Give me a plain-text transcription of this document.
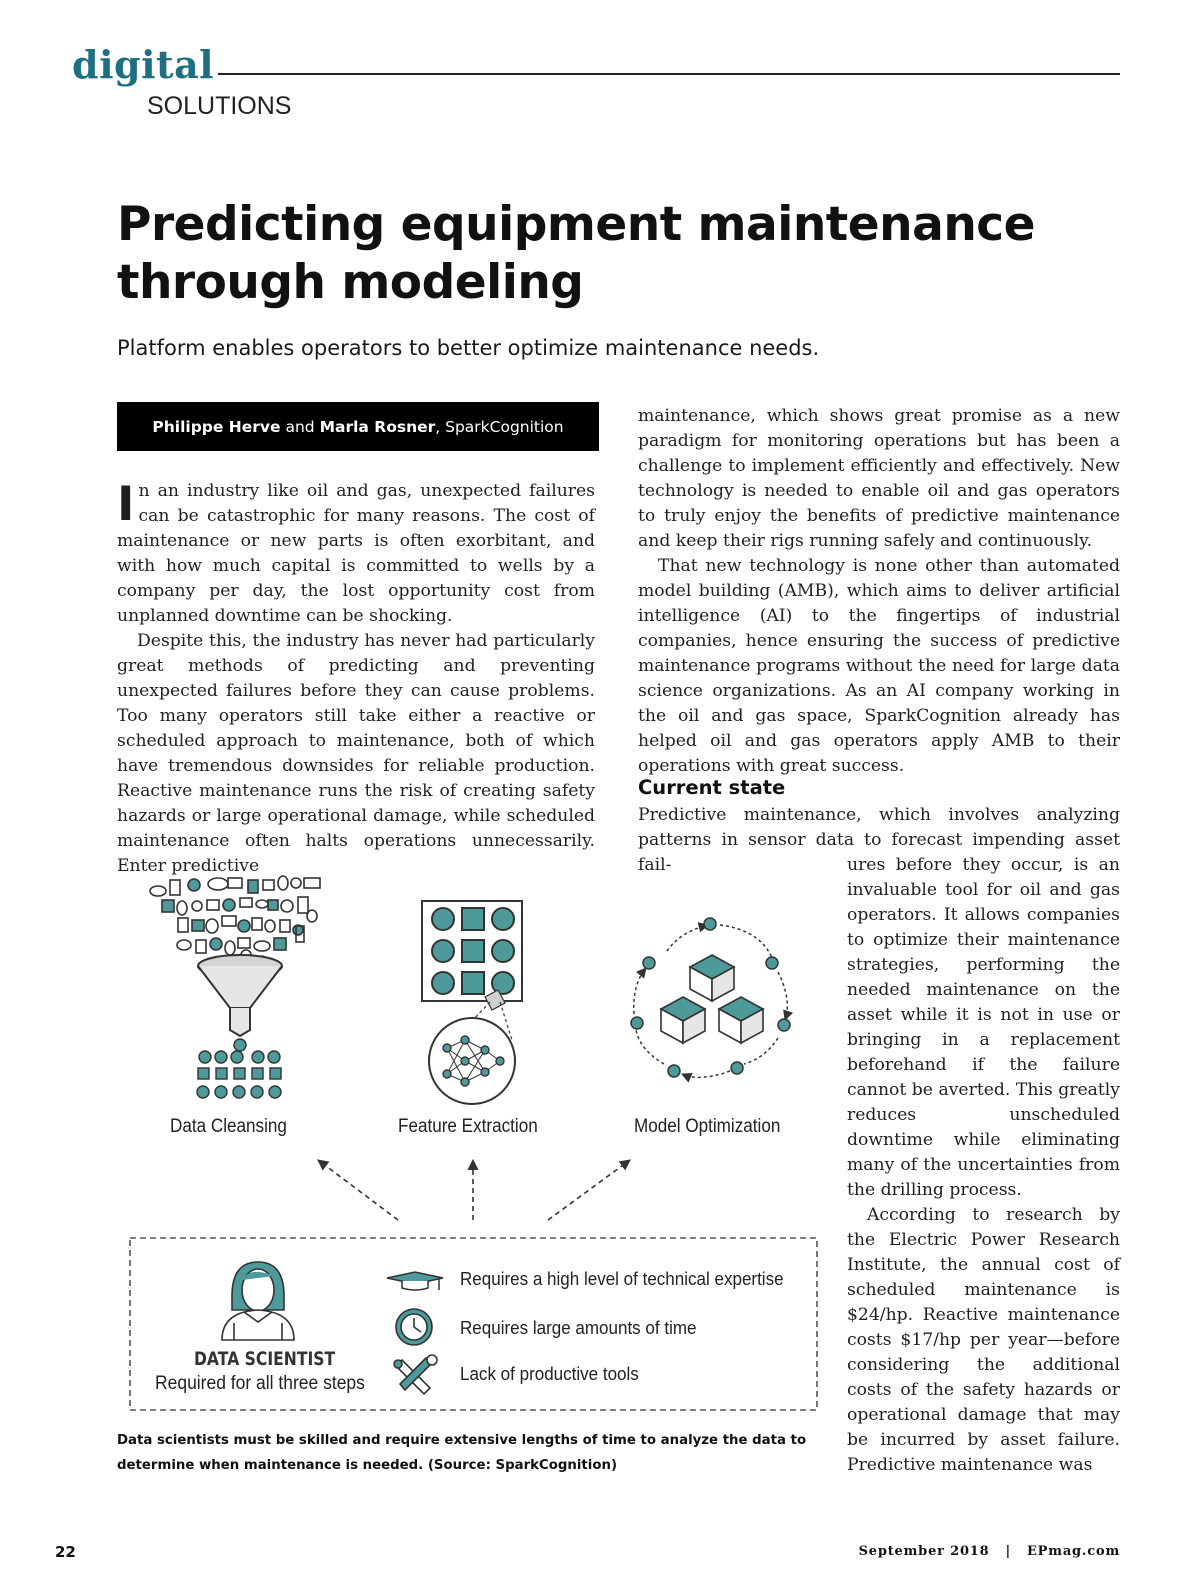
digital
SOLUTIONS
Predicting equipment maintenance through modeling
Platform enables operators to better optimize maintenance needs.
Philippe Herve and Marla Rosner, SparkCognition

In an industry like oil and gas, unexpected failures can be catastrophic for many reasons. The cost of maintenance or new parts is often exorbitant, and with how much capital is committed to wells by a company per day, the lost opportunity cost from unplanned downtime can be shocking.

Despite this, the industry has never had particularly great methods of predicting and preventing unexpected failures before they can cause problems. Too many operators still take either a reactive or scheduled approach to maintenance, both of which have tremendous downsides for reliable production. Reactive maintenance runs the risk of creating safety hazards or large operational damage, while scheduled maintenance often halts operations unnecessarily. Enter predictive

maintenance, which shows great promise as a new paradigm for monitoring operations but has been a challenge to implement efficiently and effectively. New technology is needed to enable oil and gas operators to truly enjoy the benefits of predictive maintenance and keep their rigs running safely and continuously.

That new technology is none other than automated model building (AMB), which aims to deliver artificial intelligence (AI) to the fingertips of industrial companies, hence ensuring the success of predictive maintenance programs without the need for large data science organizations. As an AI company working in the oil and gas space, SparkCognition already has helped oil and gas operators apply AMB to their operations with great success.

Current state

Predictive maintenance, which involves analyzing patterns in sensor data to forecast impending asset fail-	ures before they occur, is an invaluable tool for oil and gas operators. It allows companies to optimize their maintenance strategies, performing the needed maintenance on the asset while it is not in use or bringing in a replacement beforehand if the failure cannot be averted. This greatly reduces unscheduled downtime while eliminating many of the uncertainties from the drilling process.

According to research by the Electric Power Research Institute, the annual cost of scheduled maintenance is $24/hp. Reactive maintenance costs $17/hp per year—before considering the additional costs of the safety hazards or operational damage that may be incurred by asset failure. Predictive maintenance was

Data Cleansing	Feature Extraction	Model Optimization
DATA SCIENTIST
Required for all three steps
Requires a high level of technical expertise
Requires large amounts of time
Lack of productive tools
Data scientists must be skilled and require extensive lengths of time to analyze the data to determine when maintenance is needed. (Source: SparkCognition)
22	September 2018   |   EPmag.com
